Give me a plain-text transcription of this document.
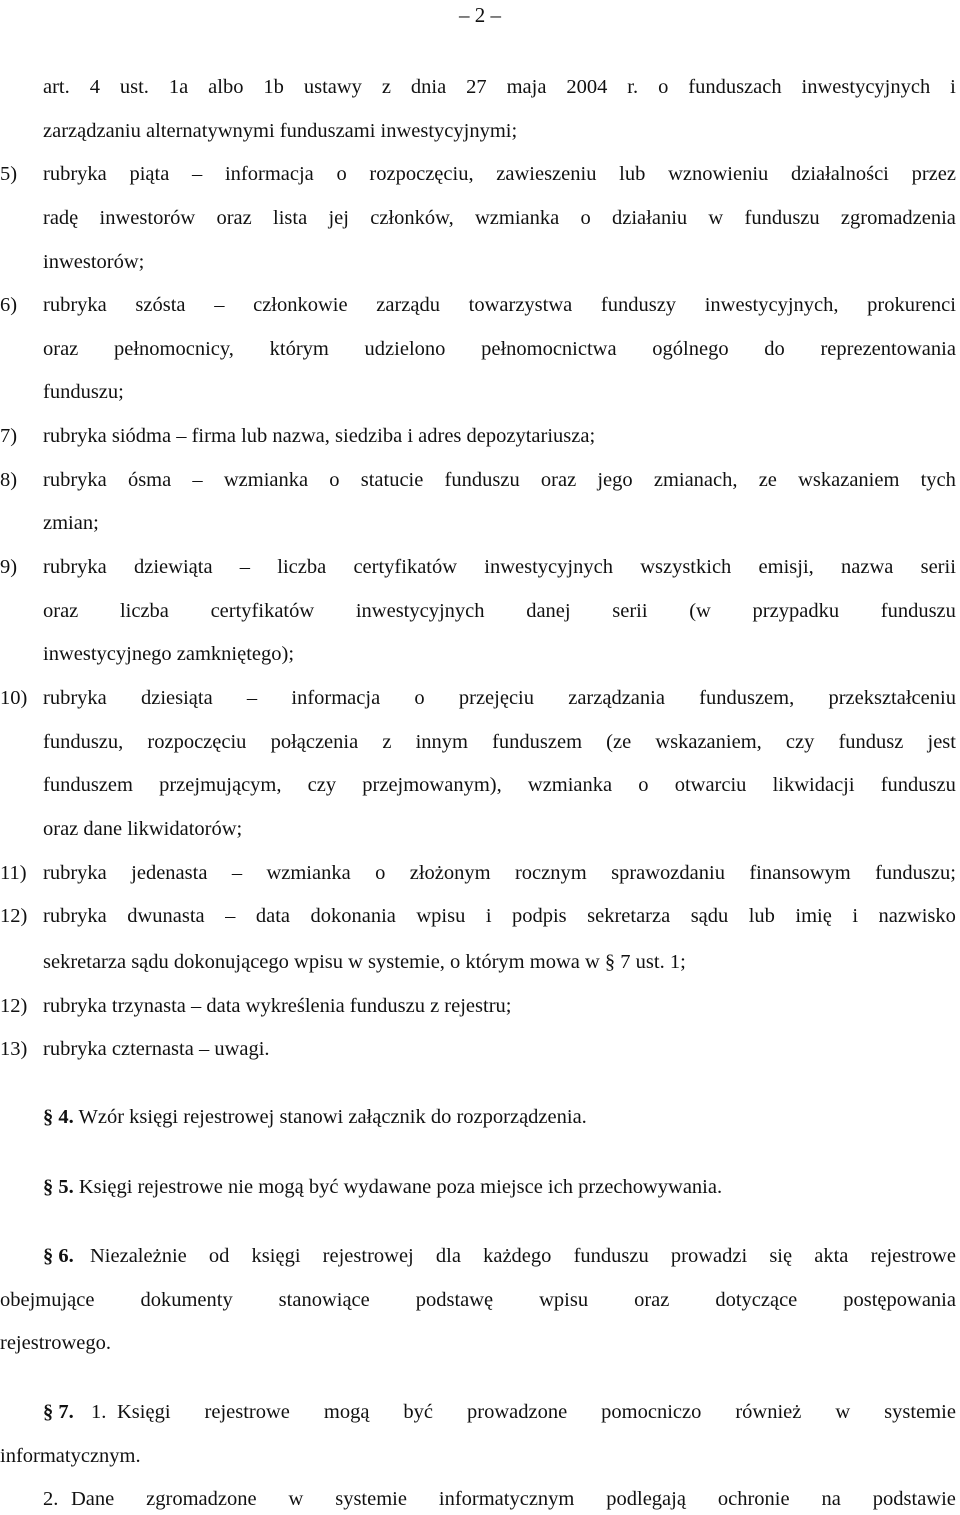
– 2 –
art. 4 ust. 1a albo 1b ustawy z dnia 27 maja 2004 r. o funduszach inwestycyjnych i
zarządzaniu alternatywnymi funduszami inwestycyjnymi;
5) rubryka piąta – informacja o rozpoczęciu, zawieszeniu lub wznowieniu działalności przez
radę inwestorów oraz lista jej członków, wzmianka o działaniu w funduszu zgromadzenia
inwestorów;
6) rubryka szósta – członkowie zarządu towarzystwa funduszy inwestycyjnych, prokurenci
oraz pełnomocnicy, którym udzielono pełnomocnictwa ogólnego do reprezentowania
funduszu;
7) rubryka siódma – firma lub nazwa, siedziba i adres depozytariusza;
8) rubryka ósma – wzmianka o statucie funduszu oraz jego zmianach, ze wskazaniem tych
zmian;
9) rubryka dziewiąta – liczba certyfikatów inwestycyjnych wszystkich emisji, nazwa serii
oraz liczba certyfikatów inwestycyjnych danej serii (w przypadku funduszu
inwestycyjnego zamkniętego);
10) rubryka dziesiąta – informacja o przejęciu zarządzania funduszem, przekształceniu
funduszu, rozpoczęciu połączenia z innym funduszem (ze wskazaniem, czy fundusz jest
funduszem przejmującym, czy przejmowanym), wzmianka o otwarciu likwidacji funduszu
oraz dane likwidatorów;
11) rubryka jedenasta – wzmianka o złożonym rocznym sprawozdaniu finansowym funduszu;
12) rubryka dwunasta – data dokonania wpisu i podpis sekretarza sądu lub imię i nazwisko
sekretarza sądu dokonującego wpisu w systemie, o którym mowa w § 7 ust. 1;
12) rubryka trzynasta – data wykreślenia funduszu z rejestru;
13) rubryka czternasta – uwagi.
§ 4. Wzór księgi rejestrowej stanowi załącznik do rozporządzenia.
§ 5. Księgi rejestrowe nie mogą być wydawane poza miejsce ich przechowywania.
§ 6. Niezależnie od księgi rejestrowej dla każdego funduszu prowadzi się akta rejestrowe
obejmujące dokumenty stanowiące podstawę wpisu oraz dotyczące postępowania
rejestrowego.
§ 7. 1. Księgi rejestrowe mogą być prowadzone pomocniczo również w systemie
informatycznym.
2. Dane zgromadzone w systemie informatycznym podlegają ochronie na podstawie
